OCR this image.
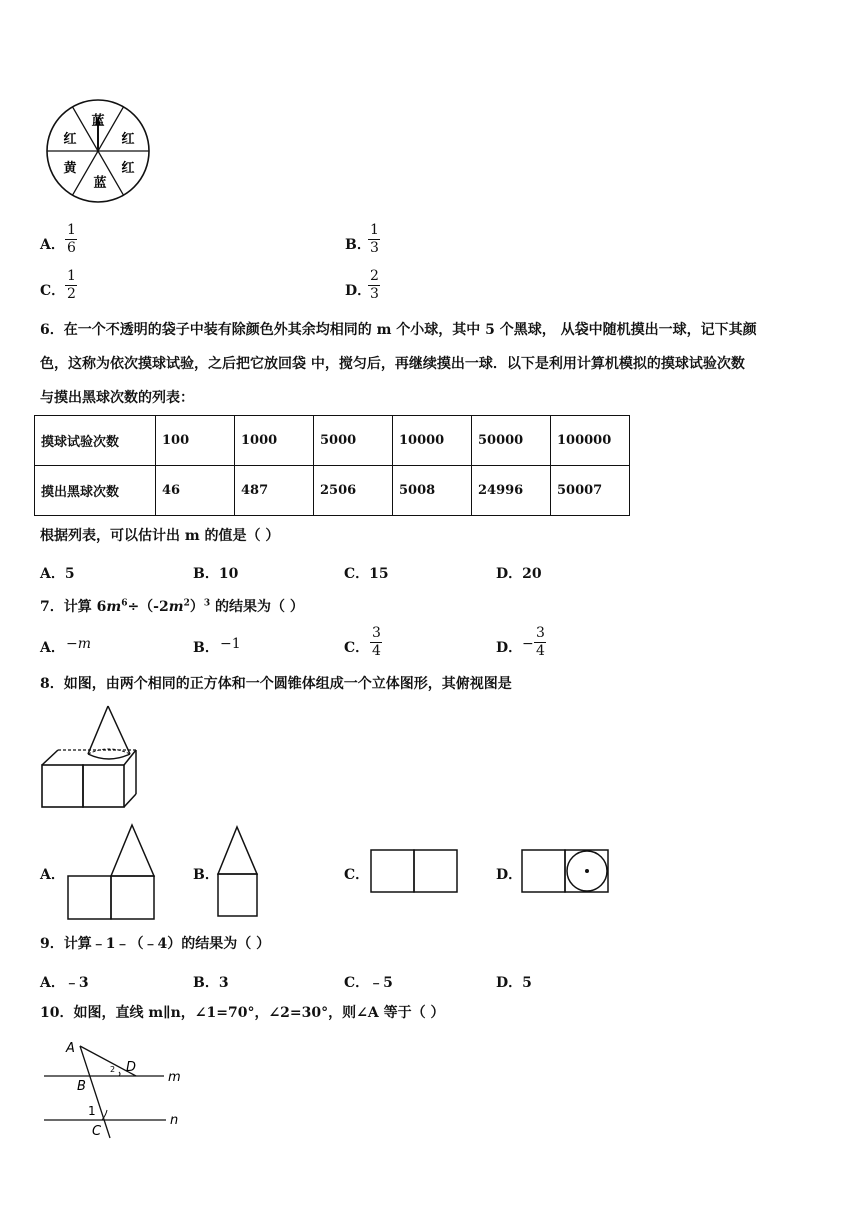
蓝
红
红
蓝
黄
红
A．
1
6	B．
1
3
C．
1
2	D．
2
3
6．在一个不透明的袋子中装有除颜色外其余均相同的 m 个小球，其中 5 个黑球， 从袋中随机摸出一球，记下其颜
色，这称为依次摸球试验，之后把它放回袋 中，搅匀后，再继续摸出一球．以下是利用计算机模拟的摸球试验次数
与摸出黑球次数的列表：
摸球试验次数	100	1000	5000	10000	50000	100000
摸出黑球次数	46	487	2506	5008	24996	50007
根据列表，可以估计出 m 的值是（ ）
A．5	B．10	C．15	D．20
7．计算 $6m^6\div(-2m^2)^3$ 的结果为（ ）
A． −m	B． −1	C．
3
4	D． −
3
4
8．如图，由两个相同的正方体和一个圆锥体组成一个立体图形，其俯视图是
A．	B．	C．	D．
9．计算﹣1﹣（﹣4）的结果为（ ）
A．﹣3	B．3	C．﹣5	D．5
10．如图，直线 m∥n，∠1=70°，∠2=30°，则∠A 等于（ ）
A
D
2
m
B
1
n
C
